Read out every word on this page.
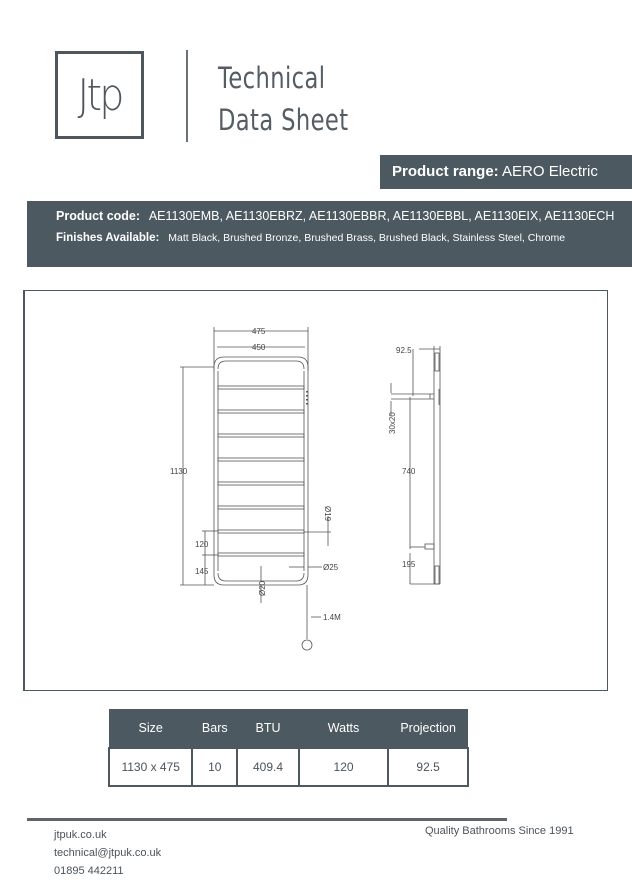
Jtp	Technical
Data Sheet
Product range: AERO Electric
Product code: AE1130EMB, AE1130EBRZ, AE1130EBBR, AE1130EBBL, AE1130EIX, AE1130ECH
Finishes Available: Matt Black, Brushed Bronze, Brushed Brass, Brushed Black, Stainless Steel, Chrome
475
450
1130
120
145
Ø19
Ø25
Ø20
1.4M
92.5
30x20
740
195
Size	Bars	BTU	Watts	Projection
1130 x 475	10	409.4	120	92.5
jtpuk.co.uk
technical@jtpuk.co.uk
01895 442211
Quality Bathrooms Since 1991
